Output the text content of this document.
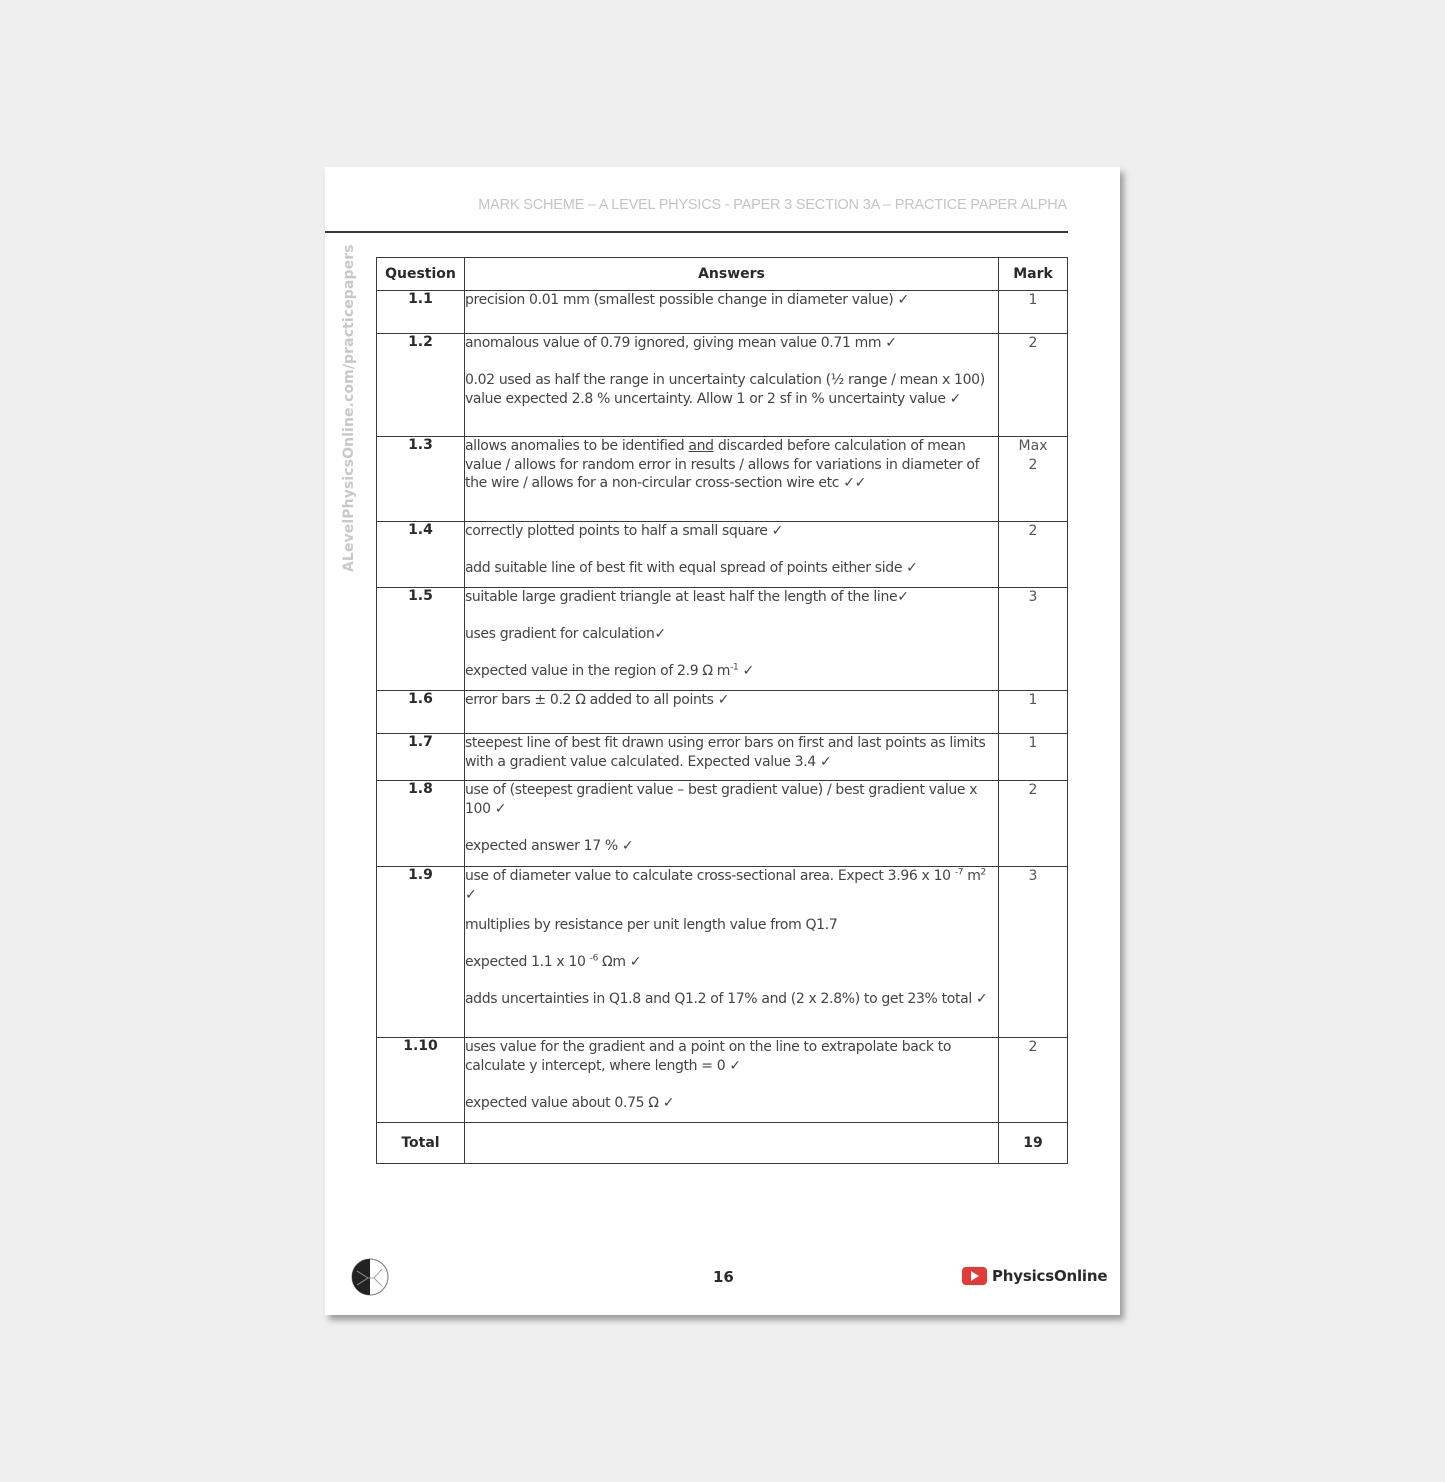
MARK SCHEME – A LEVEL PHYSICS - PAPER 3 SECTION 3A – PRACTICE PAPER ALPHA
ALevelPhysicsOnline.com/practicepapers Question	Answers	Mark
1.1	precision 0.01 mm (smallest possible change in diameter value) ✓	1
1.2	anomalous value of 0.79 ignored, giving mean value 0.71 mm ✓

0.02 used as half the range in uncertainty calculation (½ range / mean x 100) value expected 2.8 % uncertainty. Allow 1 or 2 sf in % uncertainty value ✓	2
1.3	allows anomalies to be identified and discarded before calculation of mean value / allows for random error in results / allows for variations in diameter of the wire / allows for a non-circular cross-section wire etc ✓✓	Max
2
1.4	correctly plotted points to half a small square ✓

add suitable line of best fit with equal spread of points either side ✓	2
1.5	suitable large gradient triangle at least half the length of the line✓

uses gradient for calculation✓

expected value in the region of 2.9 Ω $m^{-1}$ ✓	3
1.6	error bars ± 0.2 Ω added to all points ✓	1
1.7	steepest line of best fit drawn using error bars on first and last points as limits with a gradient value calculated. Expected value 3.4 ✓	1
1.8	use of (steepest gradient value – best gradient value) / best gradient value x 100 ✓

expected answer 17 % ✓	2
1.9	use of diameter value to calculate cross-sectional area. Expect 3.96 x 10 $^{-7}$ $m^2$ ✓

multiplies by resistance per unit length value from Q1.7

expected 1.1 x 10 $^{-6}$ Ωm ✓

adds uncertainties in Q1.8 and Q1.2 of 17% and (2 x 2.8%) to get 23% total ✓	3
1.10	uses value for the gradient and a point on the line to extrapolate back to calculate y intercept, where length = 0 ✓

expected value about 0.75 Ω ✓	2
Total		19
16	PhysicsOnline
